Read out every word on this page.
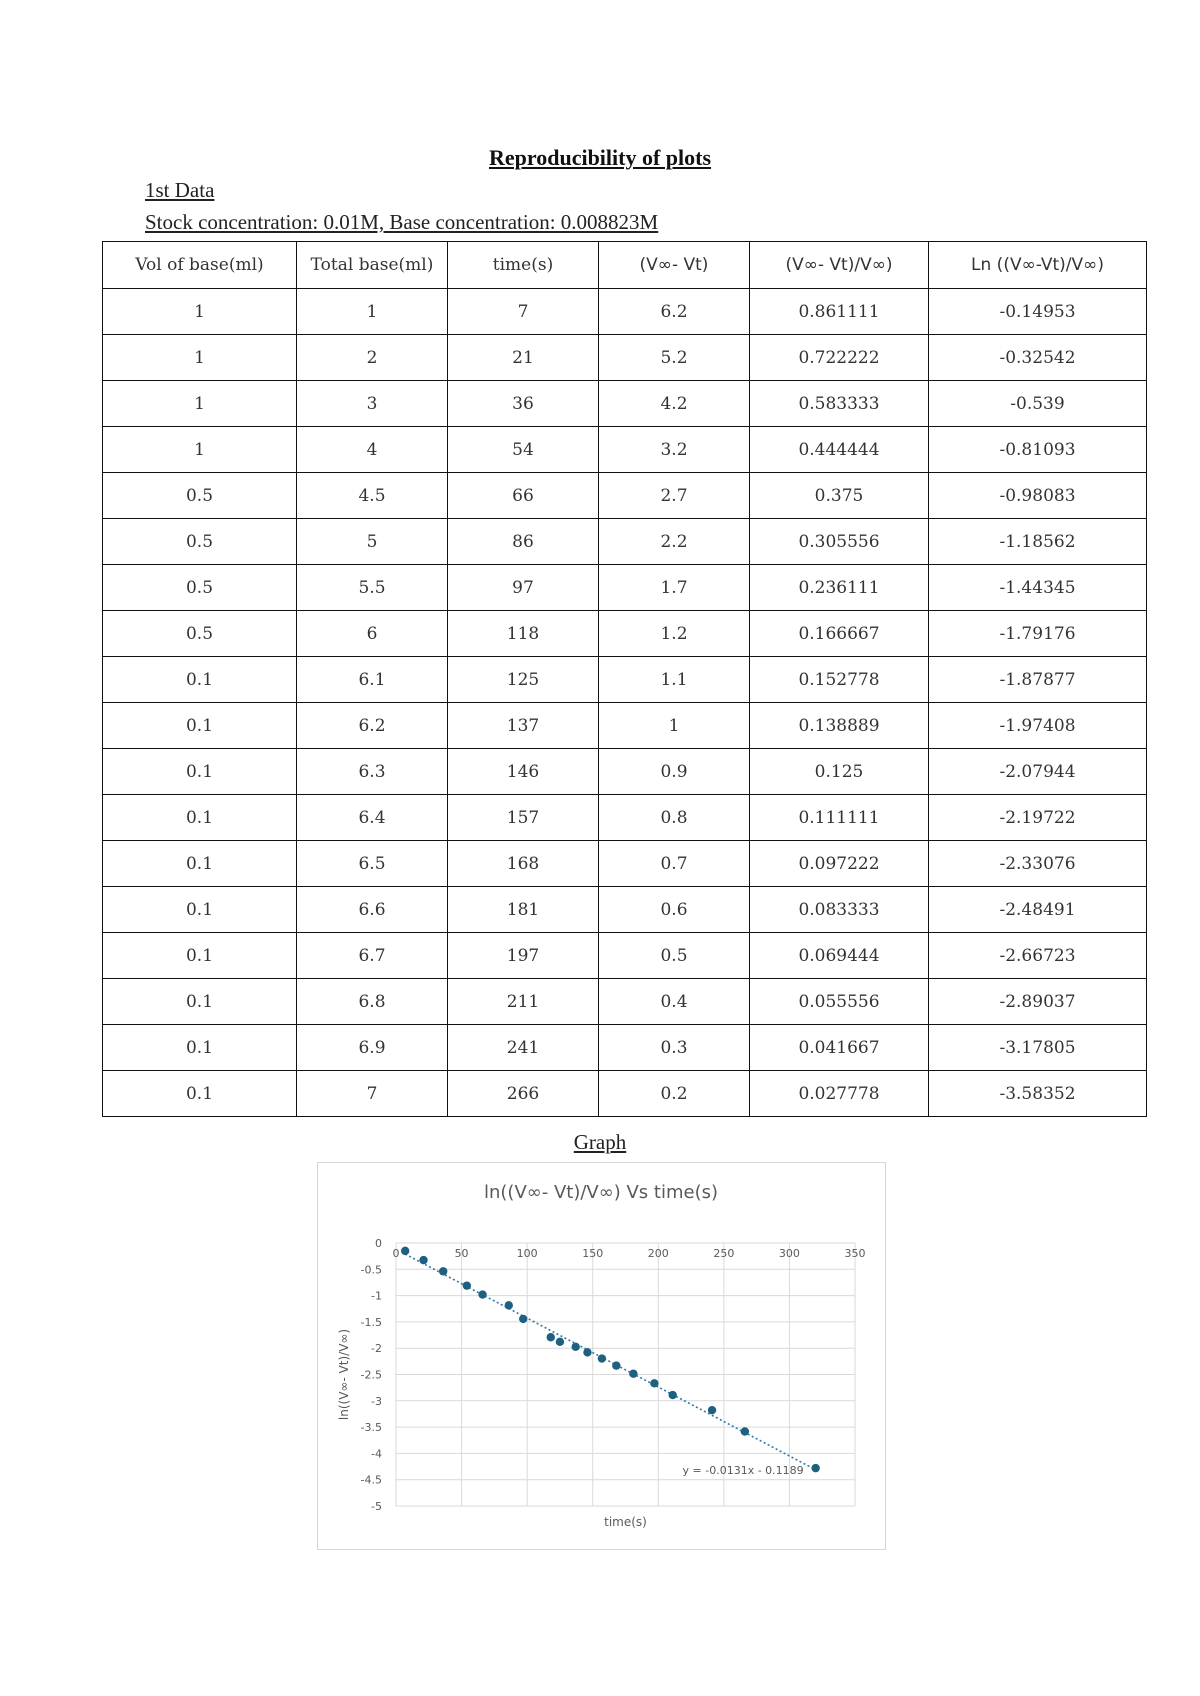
Reproducibility of plots
1st Data
Stock concentration: 0.01M, Base concentration: 0.008823M
Vol of base(ml)	Total base(ml)	time(s)	(V∞- Vt)	(V∞- Vt)/V∞)	Ln ((V∞-Vt)/V∞)
1	1	7	6.2	0.861111	-0.14953
1	2	21	5.2	0.722222	-0.32542
1	3	36	4.2	0.583333	-0.539
1	4	54	3.2	0.444444	-0.81093
0.5	4.5	66	2.7	0.375	-0.98083
0.5	5	86	2.2	0.305556	-1.18562
0.5	5.5	97	1.7	0.236111	-1.44345
0.5	6	118	1.2	0.166667	-1.79176
0.1	6.1	125	1.1	0.152778	-1.87877
0.1	6.2	137	1	0.138889	-1.97408
0.1	6.3	146	0.9	0.125	-2.07944
0.1	6.4	157	0.8	0.111111	-2.19722
0.1	6.5	168	0.7	0.097222	-2.33076
0.1	6.6	181	0.6	0.083333	-2.48491
0.1	6.7	197	0.5	0.069444	-2.66723
0.1	6.8	211	0.4	0.055556	-2.89037
0.1	6.9	241	0.3	0.041667	-3.17805
0.1	7	266	0.2	0.027778	-3.58352
Graph
ln((V∞- Vt)/V∞) Vs time(s)
0	50	100	150	200	250	300	350
0
-0.5
-1
-1.5
-2
-2.5
-3
-3.5
-4
-4.5
-5
y = -0.0131x - 0.1189
time(s)
ln((V∞- Vt)/V∞)
